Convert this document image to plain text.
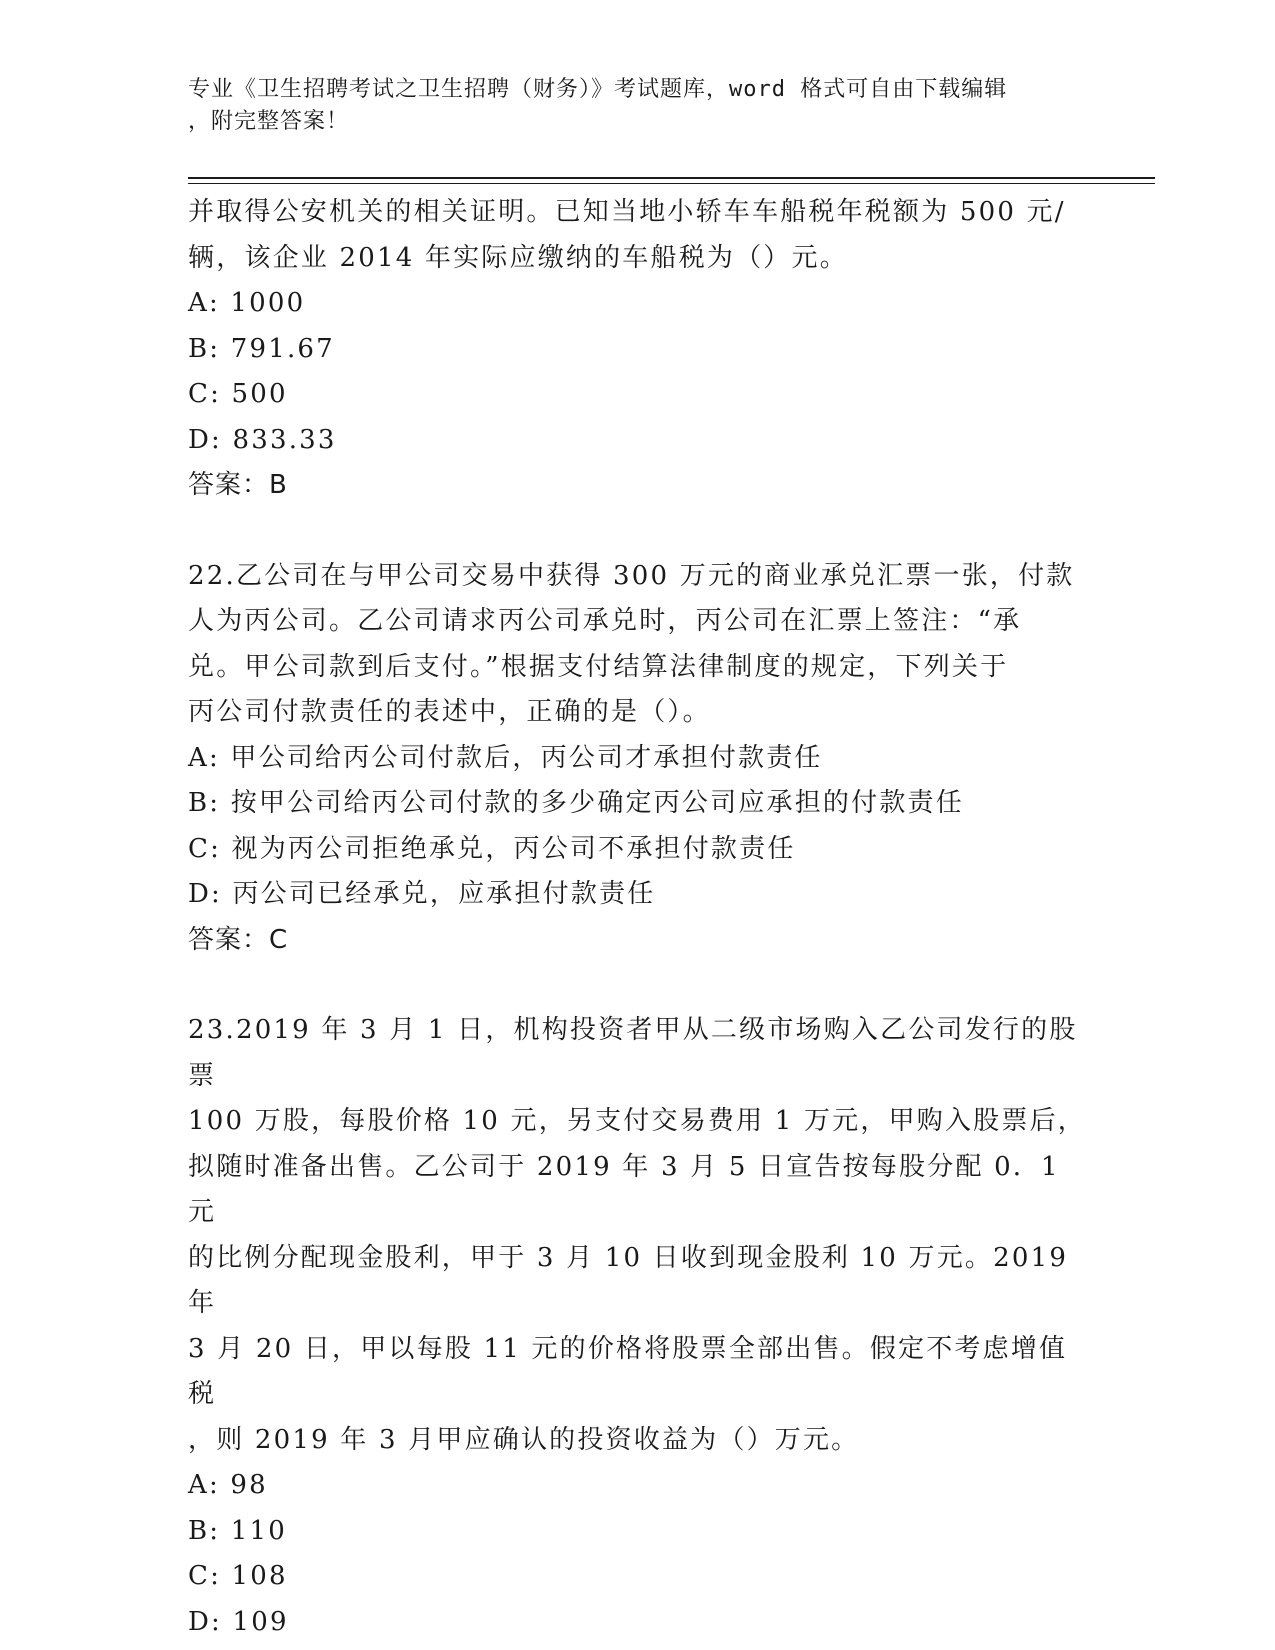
专业《卫生招聘考试之卫生招聘（财务）》考试题库，word 格式可自由下载编辑
，附完整答案！

并取得公安机关的相关证明。已知当地小轿车车船税年税额为 500 元/

辆，该企业 2014 年实际应缴纳的车船税为（）元。

A: 1000

B: 791.67

C: 500

D: 833.33

答案：B

22.乙公司在与甲公司交易中获得 300 万元的商业承兑汇票一张，付款

人为丙公司。乙公司请求丙公司承兑时，丙公司在汇票上签注：“承

兑。甲公司款到后支付。”根据支付结算法律制度的规定，下列关于

丙公司付款责任的表述中，正确的是（）。

A: 甲公司给丙公司付款后，丙公司才承担付款责任

B: 按甲公司给丙公司付款的多少确定丙公司应承担的付款责任

C: 视为丙公司拒绝承兑，丙公司不承担付款责任

D: 丙公司已经承兑，应承担付款责任

答案：C

23.2019 年 3 月 1 日，机构投资者甲从二级市场购入乙公司发行的股票

100 万股，每股价格 10 元，另支付交易费用 1 万元，甲购入股票后，

拟随时准备出售。乙公司于 2019 年 3 月 5 日宣告按每股分配 0．1 元

的比例分配现金股利，甲于 3 月 10 日收到现金股利 10 万元。2019 年

3 月 20 日，甲以每股 11 元的价格将股票全部出售。假定不考虑增值税

，则 2019 年 3 月甲应确认的投资收益为（）万元。

A: 98

B: 110

C: 108

D: 109
